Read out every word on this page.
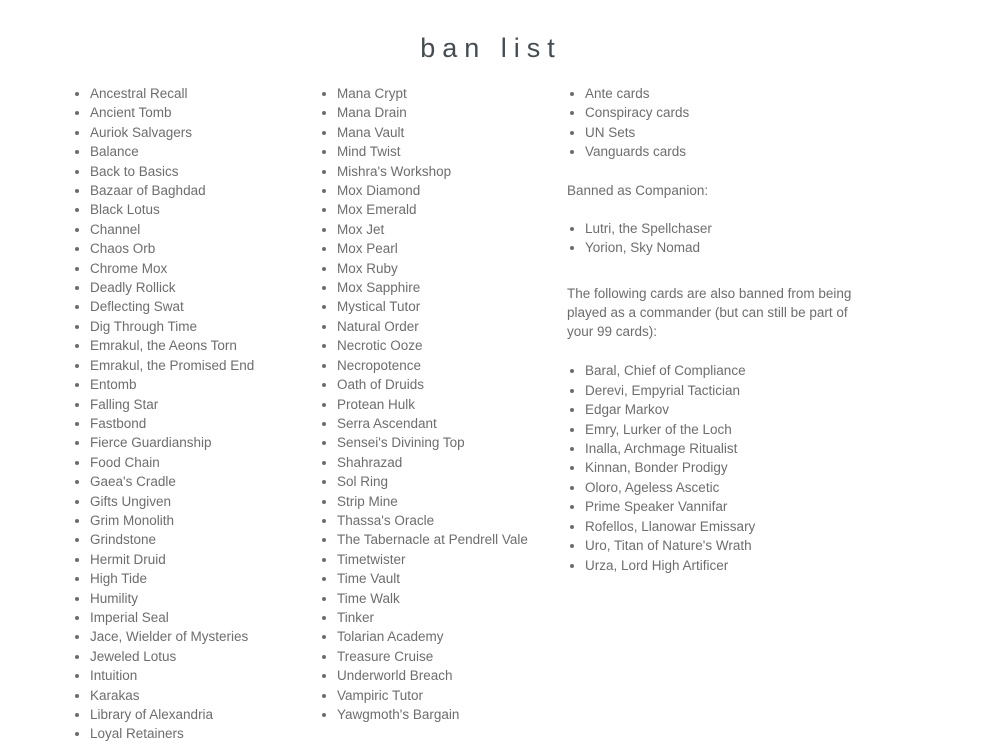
ban list
• Ancestral Recall
• Ancient Tomb
• Auriok Salvagers
• Balance
• Back to Basics
• Bazaar of Baghdad
• Black Lotus
• Channel
• Chaos Orb
• Chrome Mox
• Deadly Rollick
• Deflecting Swat
• Dig Through Time
• Emrakul, the Aeons Torn
• Emrakul, the Promised End
• Entomb
• Falling Star
• Fastbond
• Fierce Guardianship
• Food Chain
• Gaea's Cradle
• Gifts Ungiven
• Grim Monolith
• Grindstone
• Hermit Druid
• High Tide
• Humility
• Imperial Seal
• Jace, Wielder of Mysteries
• Jeweled Lotus
• Intuition
• Karakas
• Library of Alexandria
• Loyal Retainers
• Mana Crypt
• Mana Drain
• Mana Vault
• Mind Twist
• Mishra's Workshop
• Mox Diamond
• Mox Emerald
• Mox Jet
• Mox Pearl
• Mox Ruby
• Mox Sapphire
• Mystical Tutor
• Natural Order
• Necrotic Ooze
• Necropotence
• Oath of Druids
• Protean Hulk
• Serra Ascendant
• Sensei's Divining Top
• Shahrazad
• Sol Ring
• Strip Mine
• Thassa's Oracle
• The Tabernacle at Pendrell Vale
• Timetwister
• Time Vault
• Time Walk
• Tinker
• Tolarian Academy
• Treasure Cruise
• Underworld Breach
• Vampiric Tutor
• Yawgmoth's Bargain
• Ante cards
• Conspiracy cards
• UN Sets
• Vanguards cards

Banned as Companion:

• Lutri, the Spellchaser
• Yorion, Sky Nomad

The following cards are also banned from being played as a commander (but can still be part of your 99 cards):

• Baral, Chief of Compliance
• Derevi, Empyrial Tactician
• Edgar Markov
• Emry, Lurker of the Loch
• Inalla, Archmage Ritualist
• Kinnan, Bonder Prodigy
• Oloro, Ageless Ascetic
• Prime Speaker Vannifar
• Rofellos, Llanowar Emissary
• Uro, Titan of Nature's Wrath
• Urza, Lord High Artificer
